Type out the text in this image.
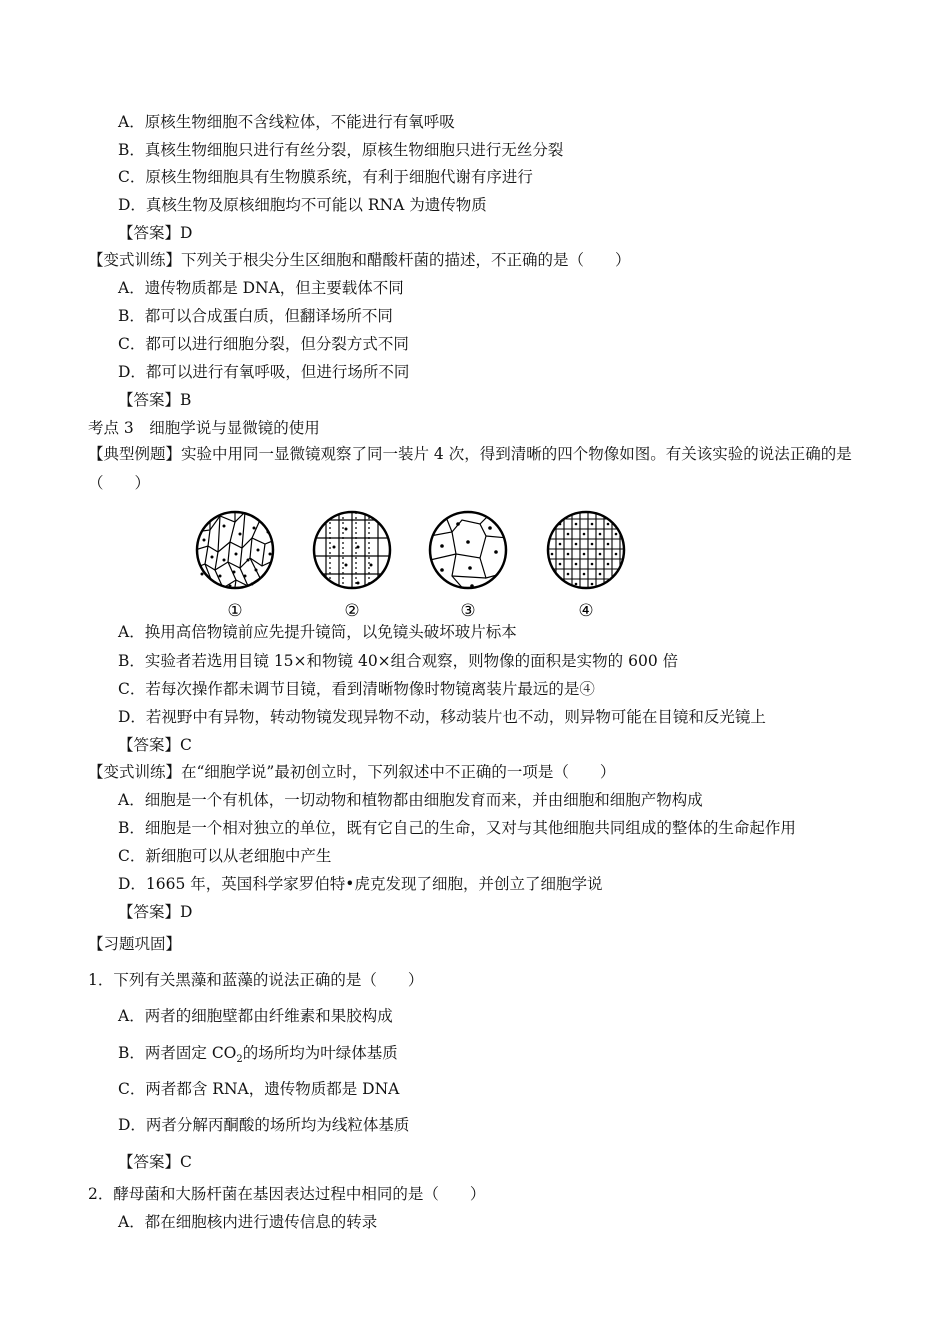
A．原核生物细胞不含线粒体，不能进行有氧呼吸
B．真核生物细胞只进行有丝分裂，原核生物细胞只进行无丝分裂
C．原核生物细胞具有生物膜系统，有利于细胞代谢有序进行
D．真核生物及原核细胞均不可能以 RNA 为遗传物质
【答案】D
【变式训练】下列关于根尖分生区细胞和醋酸杆菌的描述，不正确的是（　　）
A．遗传物质都是 DNA，但主要载体不同
B．都可以合成蛋白质，但翻译场所不同
C．都可以进行细胞分裂，但分裂方式不同
D．都可以进行有氧呼吸，但进行场所不同
【答案】B
考点 3　细胞学说与显微镜的使用
【典型例题】实验中用同一显微镜观察了同一装片 4 次，得到清晰的四个物像如图。有关该实验的说法正确的是（　　）
①	②	③	④
A．换用高倍物镜前应先提升镜筒，以免镜头破坏玻片标本
B．实验者若选用目镜 15×和物镜 40×组合观察，则物像的面积是实物的 600 倍
C．若每次操作都未调节目镜，看到清晰物像时物镜离装片最远的是④
D．若视野中有异物，转动物镜发现异物不动，移动装片也不动，则异物可能在目镜和反光镜上
【答案】C
【变式训练】在“细胞学说”最初创立时，下列叙述中不正确的一项是（　　）
A．细胞是一个有机体，一切动物和植物都由细胞发育而来，并由细胞和细胞产物构成
B．细胞是一个相对独立的单位，既有它自己的生命，又对与其他细胞共同组成的整体的生命起作用
C．新细胞可以从老细胞中产生
D．1665 年，英国科学家罗伯特•虎克发现了细胞，并创立了细胞学说
【答案】D
【习题巩固】
1．下列有关黑藻和蓝藻的说法正确的是（　　）
A．两者的细胞壁都由纤维素和果胶构成
B．两者固定 $CO_2$的场所均为叶绿体基质
C．两者都含 RNA，遗传物质都是 DNA
D．两者分解丙酮酸的场所均为线粒体基质
【答案】C
2．酵母菌和大肠杆菌在基因表达过程中相同的是（　　）
A．都在细胞核内进行遗传信息的转录
